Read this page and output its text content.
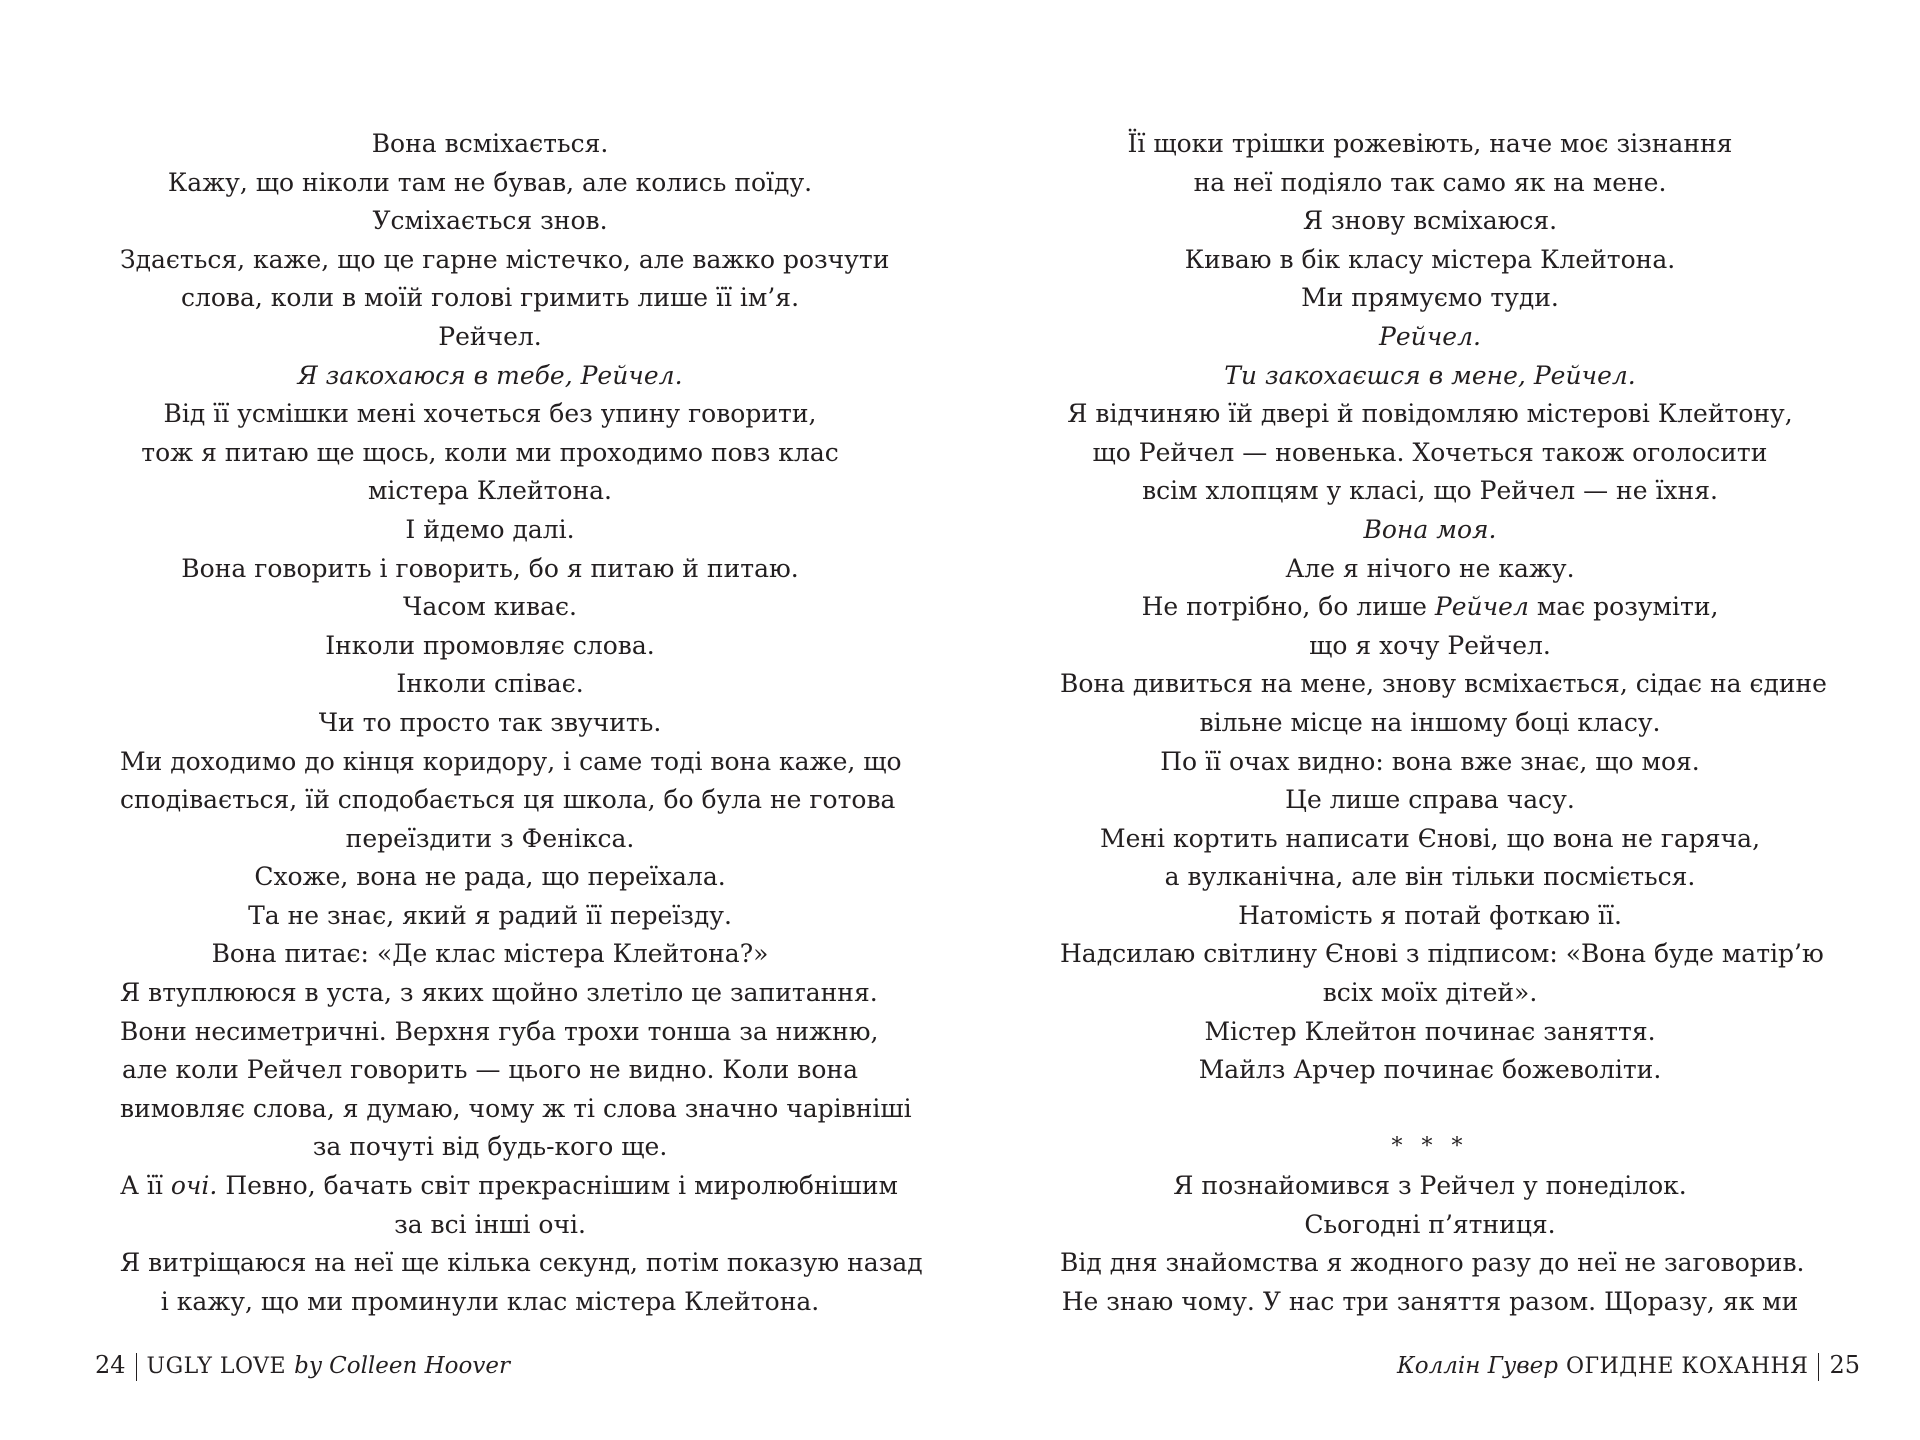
Вона всміхається.
Кажу, що ніколи там не бував, але колись поїду.
Усміхається знов.
Здається, каже, що це гарне містечко, але важко розчути
слова, коли в моїй голові гримить лише її ім’я.
Рейчел.
Я закохаюся в тебе, Рейчел.
Від її усмішки мені хочеться без упину говорити,
тож я питаю ще щось, коли ми проходимо повз клас
містера Клейтона.
І йдемо далі.
Вона говорить і говорить, бо я питаю й питаю.
Часом киває.
Інколи промовляє слова.
Інколи співає.
Чи то просто так звучить.
Ми доходимо до кінця коридору, і саме тоді вона каже, що
сподівається, їй сподобається ця школа, бо була не готова
переїздити з Фенікса.
Схоже, вона не рада, що переїхала.
Та не знає, який я радий її переїзду.
Вона питає: «Де клас містера Клейтона?»
Я втуплююся в уста, з яких щойно злетіло це запитання.
Вони несиметричні. Верхня губа трохи тонша за нижню,
але коли Рейчел говорить — цього не видно. Коли вона
вимовляє слова, я думаю, чому ж ті слова значно чарівніші
за почуті від будь-кого ще.
А її очі. Певно, бачать світ прекраснішим і миролюбнішим
за всі інші очі.
Я витріщаюся на неї ще кілька секунд, потім показую назад
і кажу, що ми проминули клас містера Клейтона.
24 UGLY LOVE by Colleen Hoover
Її щоки трішки рожевіють, наче моє зізнання
на неї подіяло так само як на мене.
Я знову всміхаюся.
Киваю в бік класу містера Клейтона.
Ми прямуємо туди.
Рейчел.
Ти закохаєшся в мене, Рейчел.
Я відчиняю їй двері й повідомляю містерові Клейтону,
що Рейчел — новенька. Хочеться також оголосити
всім хлопцям у класі, що Рейчел — не їхня.
Вона моя.
Але я нічого не кажу.
Не потрібно, бо лише Рейчел має розуміти,
що я хочу Рейчел.
Вона дивиться на мене, знову всміхається, сідає на єдине
вільне місце на іншому боці класу.
По її очах видно: вона вже знає, що моя.
Це лише справа часу.
Мені кортить написати Єнові, що вона не гаряча,
а вулканічна, але він тільки посміється.
Натомість я потай фоткаю її.
Надсилаю світлину Єнові з підписом: «Вона буде матір’ю
всіх моїх дітей».
Містер Клейтон починає заняття.
Майлз Арчер починає божеволіти.
* * *
Я познайомився з Рейчел у понеділок.
Сьогодні п’ятниця.
Від дня знайомства я жодного разу до неї не заговорив.
Не знаю чому. У нас три заняття разом. Щоразу, як ми
Коллін Гувер ОГИДНЕ КОХАННЯ 25
